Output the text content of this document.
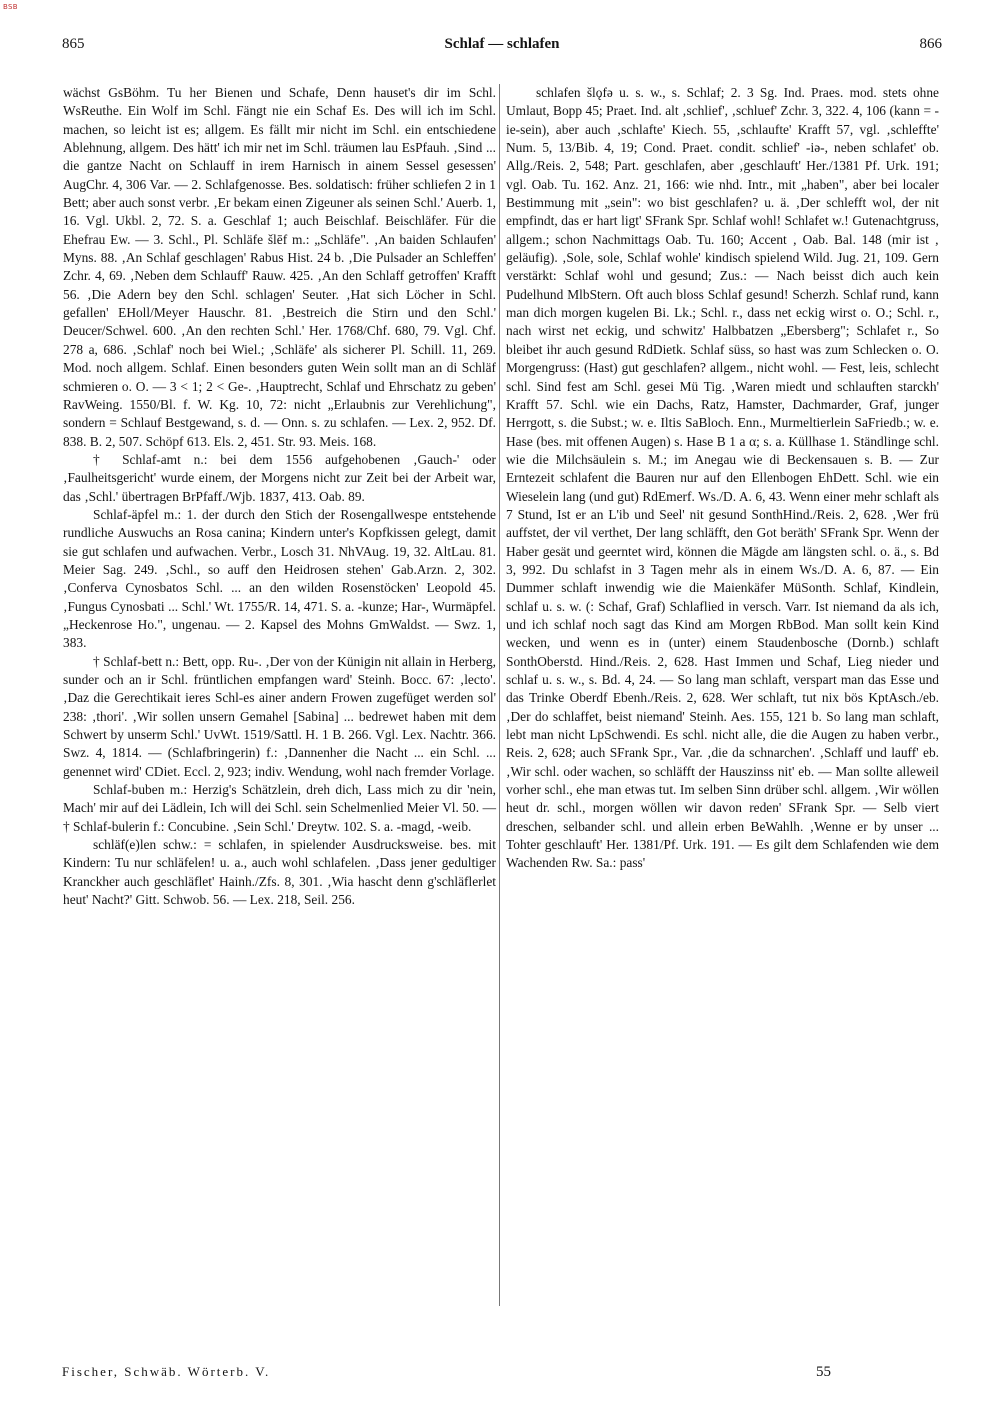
BSB
865	Schlaf — schlafen	866

wächst GsBöhm. Tu her Bienen und Schafe, Denn hauset's dir im Schl. WsReuthe. Ein Wolf im Schl. Fängt nie ein Schaf Es. Des will ich im Schl. machen, so leicht ist es; allgem. Es fällt mir nicht im Schl. ein entschiedene Ablehnung, allgem. Des hätt' ich mir net im Schl. träumen lau EsPfauh. ‚Sind ... die gantze Nacht on Schlauff in irem Harnisch in ainem Sessel gesessen' AugChr. 4, 306 Var. — 2. Schlafgenosse. Bes. soldatisch: früher schliefen 2 in 1 Bett; aber auch sonst verbr. ‚Er bekam einen Zigeuner als seinen Schl.' Auerb. 1, 16. Vgl. Ukbl. 2, 72. S. a. Geschlaf 1; auch Beischlaf. Beischläfer. Für die Ehefrau Ew. — 3. Schl., Pl. Schläfe šlēf m.: „Schläfe". ‚An baiden Schlaufen' Myns. 88. ‚An Schlaf geschlagen' Rabus Hist. 24 b. ‚Die Pulsader an Schleffen' Zchr. 4, 69. ‚Neben dem Schlauff' Rauw. 425. ‚An den Schlaff getroffen' Krafft 56. ‚Die Adern bey den Schl. schlagen' Seuter. ‚Hat sich Löcher in Schl. gefallen' EHoll/Meyer Hauschr. 81. ‚Bestreich die Stirn und den Schl.' Deucer/Schwel. 600. ‚An den rechten Schl.' Her. 1768/Chf. 680, 79. Vgl. Chf. 278 a, 686. ‚Schlaf' noch bei Wiel.; ‚Schläfe' als sicherer Pl. Schill. 11, 269. Mod. noch allgem. Schlaf. Einen besonders guten Wein sollt man an di Schläf schmieren o. O. — 3 < 1; 2 < Ge-. ‚Hauptrecht, Schlaf und Ehrschatz zu geben' RavWeing. 1550/Bl. f. W. Kg. 10, 72: nicht „Erlaubnis zur Verehlichung", sondern = Schlauf Bestgewand, s. d. — Onn. s. zu schlafen. — Lex. 2, 952. Df. 838. B. 2, 507. Schöpf 613. Els. 2, 451. Str. 93. Meis. 168.

† Schlaf-amt n.: bei dem 1556 aufgehobenen ‚Gauch-' oder ‚Faulheitsgericht' wurde einem, der Morgens nicht zur Zeit bei der Arbeit war, das ‚Schl.' übertragen BrPfaff./Wjb. 1837, 413. Oab. 89.

Schlaf-äpfel m.: 1. der durch den Stich der Rosengallwespe entstehende rundliche Auswuchs an Rosa canina; Kindern unter's Kopfkissen gelegt, damit sie gut schlafen und aufwachen. Verbr., Losch 31. NhVAug. 19, 32. AltLau. 81. Meier Sag. 249. ‚Schl., so auff den Heidrosen stehen' Gab.Arzn. 2, 302. ‚Conferva Cynosbatos Schl. ... an den wilden Rosenstöcken' Leopold 45. ‚Fungus Cynosbati ... Schl.' Wt. 1755/R. 14, 471. S. a. -kunze; Har-, Wurmäpfel. „Heckenrose Ho.", ungenau. — 2. Kapsel des Mohns GmWaldst. — Swz. 1, 383.

† Schlaf-bett n.: Bett, opp. Ru-. ‚Der von der Künigin nit allain in Herberg, sunder och an ir Schl. früntlichen empfangen ward' Steinh. Bocc. 67: ‚lecto'. ‚Daz die Gerechtikait ieres Schl-es ainer andern Frowen zugefüget werden sol' 238: ‚thori'. ‚Wir sollen unsern Gemahel [Sabina] ... bedrewet haben mit dem Schwert by unserm Schl.' UvWt. 1519/Sattl. H. 1 B. 266. Vgl. Lex. Nachtr. 366. Swz. 4, 1814. — (Schlafbringerin) f.: ‚Dannenher die Nacht ... ein Schl. ... genennet wird' CDiet. Eccl. 2, 923; indiv. Wendung, wohl nach fremder Vorlage.

Schlaf-buben m.: Herzig's Schätzlein, dreh dich, Lass mich zu dir 'nein, Mach' mir auf dei Lädlein, Ich will dei Schl. sein Schelmenlied Meier Vl. 50. — † Schlaf-bulerin f.: Concubine. ‚Sein Schl.' Dreytw. 102. S. a. -magd, -weib.

schläf(e)len schw.: = schlafen, in spielender Ausdrucksweise. bes. mit Kindern: Tu nur schläfelen! u. a., auch wohl schlafelen. ‚Dass jener gedultiger Kranckher auch geschläflet' Hainh./Zfs. 8, 301. ‚Wia hascht denn g'schläflerlet heut' Nacht?' Gitt. Schwob. 56. — Lex. 218, Seil. 256.

schlafen šlǫfə u. s. w., s. Schlaf; 2. 3 Sg. Ind. Praes. mod. stets ohne Umlaut, Bopp 45; Praet. Ind. alt ‚schlief', ‚schluef' Zchr. 3, 322. 4, 106 (kann = -ie-sein), aber auch ‚schlafte' Kiech. 55, ‚schlaufte' Krafft 57, vgl. ‚schleffte' Num. 5, 13/Bib. 4, 19; Cond. Praet. condit. schlief' -iə-, neben schlafet' ob. Allg./Reis. 2, 548; Part. geschlafen, aber ‚geschlauft' Her./1381 Pf. Urk. 191; vgl. Oab. Tu. 162. Anz. 21, 166: wie nhd. Intr., mit „haben", aber bei localer Bestimmung mit „sein": wo bist geschlafen? u. ä. ‚Der schlefft wol, der nit empfindt, das er hart ligt' SFrank Spr. Schlaf wohl! Schlafet w.! Gutenachtgruss, allgem.; schon Nachmittags Oab. Tu. 160; Accent ‚ Oab. Bal. 148 (mir ist ‚ geläufig). ‚Sole, sole, Schlaf wohle' kindisch spielend Wild. Jug. 21, 109. Gern verstärkt: Schlaf wohl und gesund; Zus.: — Nach beisst dich auch kein Pudelhund MlbStern. Oft auch bloss Schlaf gesund! Scherzh. Schlaf rund, kann man dich morgen kugelen Bi. Lk.; Schl. r., dass net eckig wirst o. O.; Schl. r., nach wirst net eckig, und schwitz' Halbbatzen „Ebersberg"; Schlafet r., So bleibet ihr auch gesund RdDietk. Schlaf süss, so hast was zum Schlecken o. O. Morgengruss: (Hast) gut geschlafen? allgem., nicht wohl. — Fest, leis, schlecht schl. Sind fest am Schl. gesei Mü Tig. ‚Waren miedt und schlauften starckh' Krafft 57. Schl. wie ein Dachs, Ratz, Hamster, Dachmarder, Graf, junger Herrgott, s. die Subst.; w. e. Iltis SaBloch. Enn., Murmeltierlein SaFriedb.; w. e. Hase (bes. mit offenen Augen) s. Hase B 1 a α; s. a. Küllhase 1. Ständlinge schl. wie die Milchsäulein s. M.; im Anegau wie di Beckensauen s. B. — Zur Erntezeit schlafent die Bauren nur auf den Ellenbogen EhDett. Schl. wie ein Wieselein lang (und gut) RdEmerf. Ws./D. A. 6, 43. Wenn einer mehr schlaft als 7 Stund, Ist er an L'ib und Seel' nit gesund SonthHind./Reis. 2, 628. ‚Wer frü auffstet, der vil verthet, Der lang schläfft, den Got beräth' SFrank Spr. Wenn der Haber gesät und geerntet wird, können die Mägde am längsten schl. o. ä., s. Bd 3, 992. Du schlafst in 3 Tagen mehr als in einem Ws./D. A. 6, 87. — Ein Dummer schlaft inwendig wie die Maienkäfer MüSonth. Schlaf, Kindlein, schlaf u. s. w. (: Schaf, Graf) Schlaflied in versch. Varr. Ist niemand da als ich, und ich schlaf noch sagt das Kind am Morgen RbBod. Man sollt kein Kind wecken, und wenn es in (unter) einem Staudenbosche (Dornb.) schlaft SonthOberstd. Hind./Reis. 2, 628. Hast Immen und Schaf, Lieg nieder und schlaf u. s. w., s. Bd. 4, 24. — So lang man schlaft, verspart man das Esse und das Trinke Oberdf Ebenh./Reis. 2, 628. Wer schlaft, tut nix bös KptAsch./eb. ‚Der do schlaffet, beist niemand' Steinh. Aes. 155, 121 b. So lang man schlaft, lebt man nicht LpSchwendi. Es schl. nicht alle, die die Augen zu haben verbr., Reis. 2, 628; auch SFrank Spr., Var. ‚die da schnarchen'. ‚Schlaff und lauff' eb. ‚Wir schl. oder wachen, so schläfft der Hauszinss nit' eb. — Man sollte alleweil vorher schl., ehe man etwas tut. Im selben Sinn drüber schl. allgem. ‚Wir wöllen heut dr. schl., morgen wöllen wir davon reden' SFrank Spr. — Selb viert dreschen, selbander schl. und allein erben BeWahlh. ‚Wenne er by unser ... Tohter geschlauft' Her. 1381/Pf. Urk. 191. — Es gilt dem Schlafenden wie dem Wachenden Rw. Sa.: pass'

Fischer, Schwäb. Wörterb. V.	55
